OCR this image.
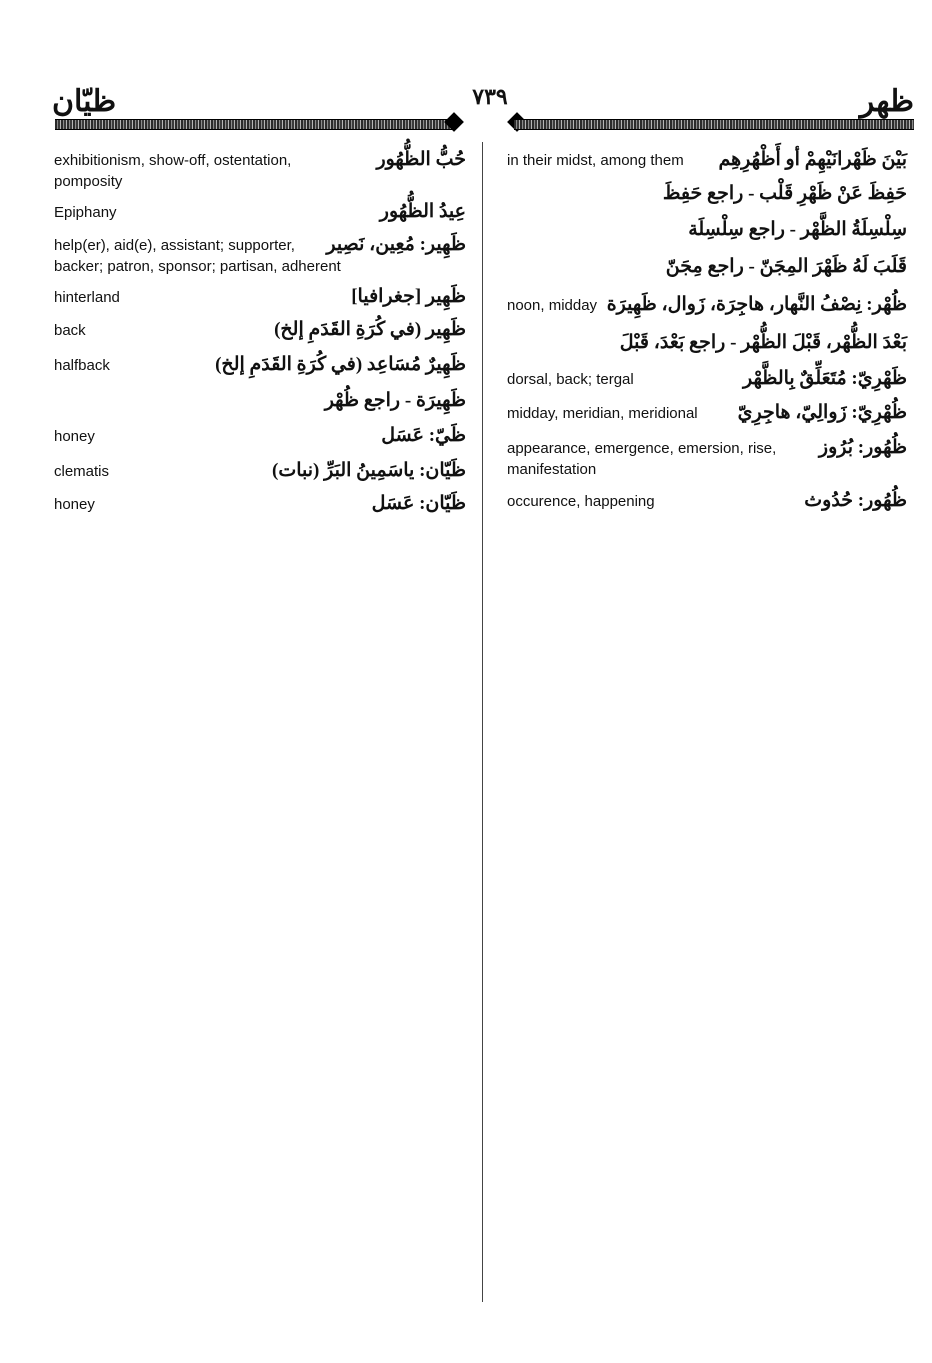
ظيّان	٧٣٩	ظهر
exhibitionism, show-off, ostentation,	حُبُّ الظُّهُور
pomposity
Epiphany	عِيدُ الظُّهُور
help(er), aid(e), assistant; supporter, ظَهِير: مُعِين، نَصِير
backer; patron, sponsor; partisan, adherent
hinterland	ظَهِير [جغرافيا]
back	ظَهِير (في كُرَةِ القَدَمِ إلخ)
halfback	ظَهِيرٌ مُسَاعِد (في كُرَةِ القَدَمِ إلخ)
ظَهِيرَة - راجع ظُهْر
honey	ظَيّ: عَسَل
clematis	ظَيّان: ياسَمِينُ البَرِّ (نبات)
honey	ظَيّان: عَسَل
in their midst, among them بَيْنَ ظَهْرانَيْهِمْ أو أَظْهُرِهِم
حَفِظَ عَنْ ظَهْرِ قَلْب - راجع حَفِظَ
سِلْسِلَةُ الظَّهْر - راجع سِلْسِلَة
قَلَبَ لَهُ ظَهْرَ المِجَنّ - راجع مِجَنّ
noon, midday ظُهْر: نِصْفُ النَّهار، هاجِرَة، زَوال، ظَهِيرَة
بَعْدَ الظُّهْر، قَبْلَ الظُّهْر - راجع بَعْدَ، قَبْلَ
dorsal, back; tergal	ظَهْرِيّ: مُتَعَلِّقٌ بِالظَّهْر
midday, meridian, meridional ظُهْرِيّ: زَوالِيّ، هاجِرِيّ
appearance, emergence, emersion, rise, ظُهُور: بُرُوز
manifestation
occurence, happening	ظُهُور: حُدُوث
